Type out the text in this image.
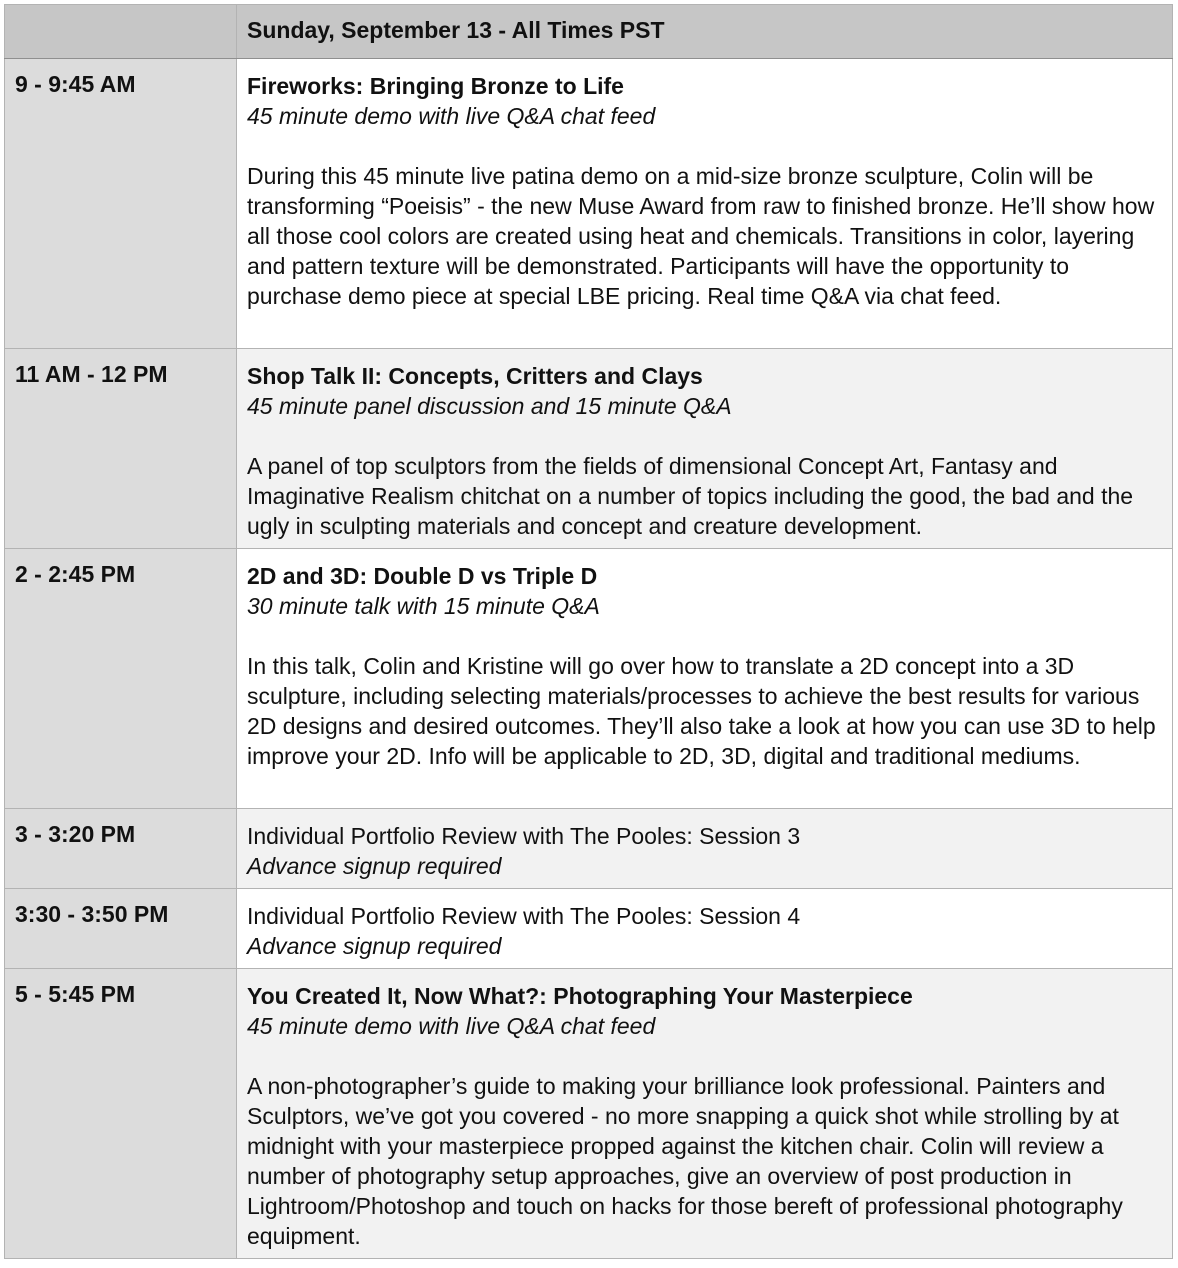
	Sunday, September 13 - All Times PST
9 - 9:45 AM	Fireworks: Bringing Bronze to Life
45 minute demo with live Q&A chat feed
During this 45 minute live patina demo on a mid-size bronze sculpture, Colin will be transforming “Poeisis” - the new Muse Award from raw to finished bronze. He’ll show how all those cool colors are created using heat and chemicals. Transitions in color, layering and pattern texture will be demonstrated. Participants will have the opportunity to purchase demo piece at special LBE pricing. Real time Q&A via chat feed.

11 AM - 12 PM	Shop Talk II: Concepts, Critters and Clays
45 minute panel discussion and 15 minute Q&A
A panel of top sculptors from the fields of dimensional Concept Art, Fantasy and Imaginative Realism chitchat on a number of topics including the good, the bad and the ugly in sculpting materials and concept and creature development.

2 - 2:45 PM	2D and 3D: Double D vs Triple D
30 minute talk with 15 minute Q&A
In this talk, Colin and Kristine will go over how to translate a 2D concept into a 3D sculpture, including selecting materials/processes to achieve the best results for various 2D designs and desired outcomes. They’ll also take a look at how you can use 3D to help improve your 2D. Info will be applicable to 2D, 3D, digital and traditional mediums.

3 - 3:20 PM	Individual Portfolio Review with The Pooles: Session 3
Advance signup required

3:30 - 3:50 PM	Individual Portfolio Review with The Pooles: Session 4
Advance signup required

5 - 5:45 PM	You Created It, Now What?: Photographing Your Masterpiece
45 minute demo with live Q&A chat feed
A non-photographer’s guide to making your brilliance look professional. Painters and Sculptors, we’ve got you covered - no more snapping a quick shot while strolling by at midnight with your masterpiece propped against the kitchen chair. Colin will review a number of photography setup approaches, give an overview of post production in Lightroom/Photoshop and touch on hacks for those bereft of professional photography equipment.
